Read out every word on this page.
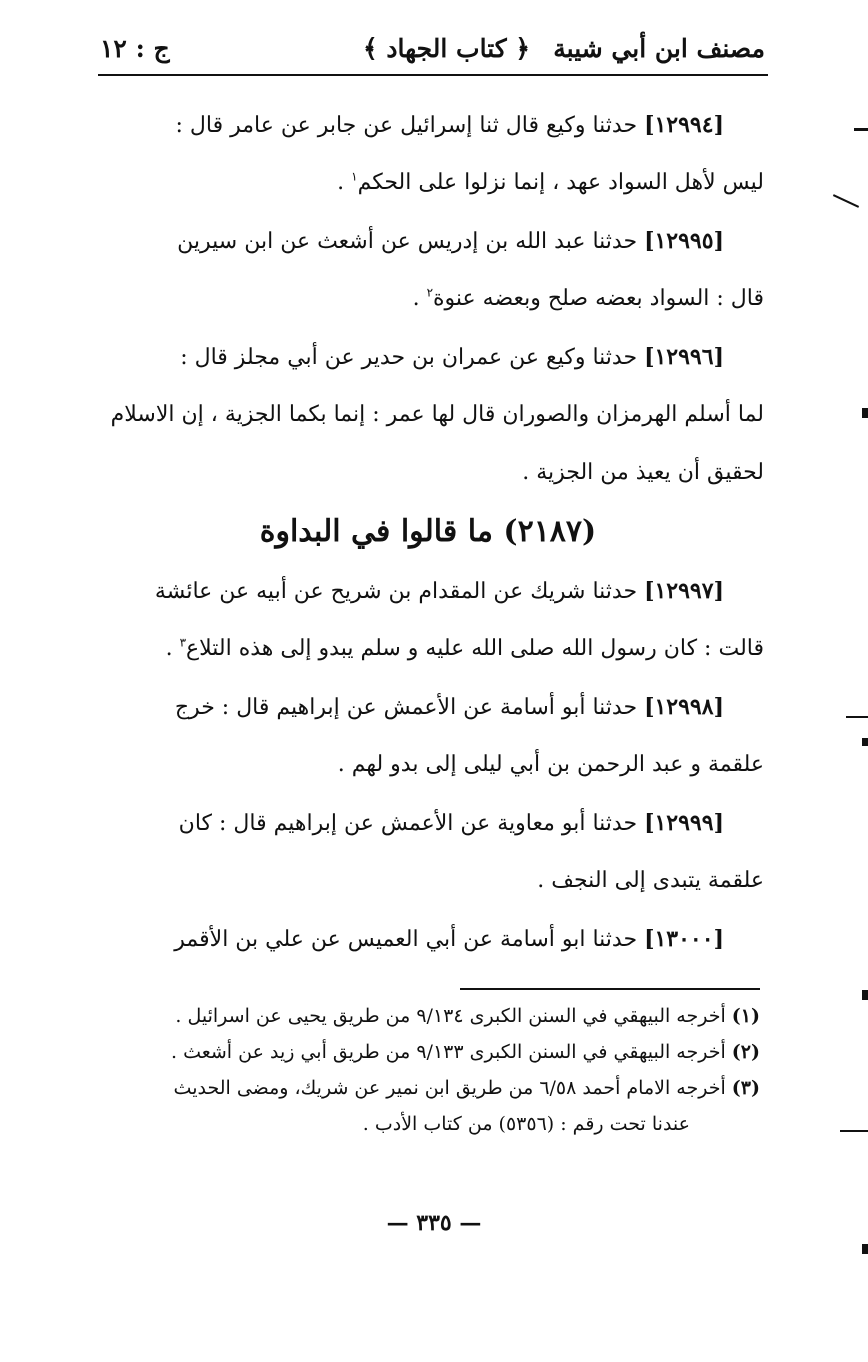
مصنف ابن أبي شيبة
﴿ كتاب الجهاد ﴾
ج : ١٢
[١٢٩٩٤] حدثنا وكيع قال ثنا إسرائيل عن جابر عن عامر قال :
ليس لأهل السواد عهد ، إنما نزلوا على الحكم$^١$ .
[١٢٩٩٥] حدثنا عبد الله بن إدريس عن أشعث عن ابن سيرين
قال : السواد بعضه صلح وبعضه عنوة$^٢$ .
[١٢٩٩٦] حدثنا وكيع عن عمران بن حدير عن أبي مجلز قال :
لما أسلم الهرمزان والصوران قال لها عمر : إنما بكما الجزية ، إن الاسلام
لحقيق أن يعيذ من الجزية .
(٢١٨٧) ما قالوا في البداوة
[١٢٩٩٧] حدثنا شريك عن المقدام بن شريح عن أبيه عن عائشة
قالت : كان رسول الله صلى الله عليه و سلم يبدو إلى هذه التلاع$^٣$ .
[١٢٩٩٨] حدثنا أبو أسامة عن الأعمش عن إبراهيم قال : خرج
علقمة و عبد الرحمن بن أبي ليلى إلى بدو لهم .
[١٢٩٩٩] حدثنا أبو معاوية عن الأعمش عن إبراهيم قال : كان
علقمة يتبدى إلى النجف .
[١٣٠٠٠] حدثنا ابو أسامة عن أبي العميس عن علي بن الأقمر
(١) أخرجه البيهقي في السنن الكبرى ٩/١٣٤ من طريق يحيى عن اسرائيل .
(٢) أخرجه البيهقي في السنن الكبرى ٩/١٣٣ من طريق أبي زيد عن أشعث .
(٣) أخرجه الامام أحمد ٦/٥٨ من طريق ابن نمير عن شريك، ومضى الحديث
عندنا تحت رقم : (٥٣٥٦) من كتاب الأدب .
— ٣٣٥ —
